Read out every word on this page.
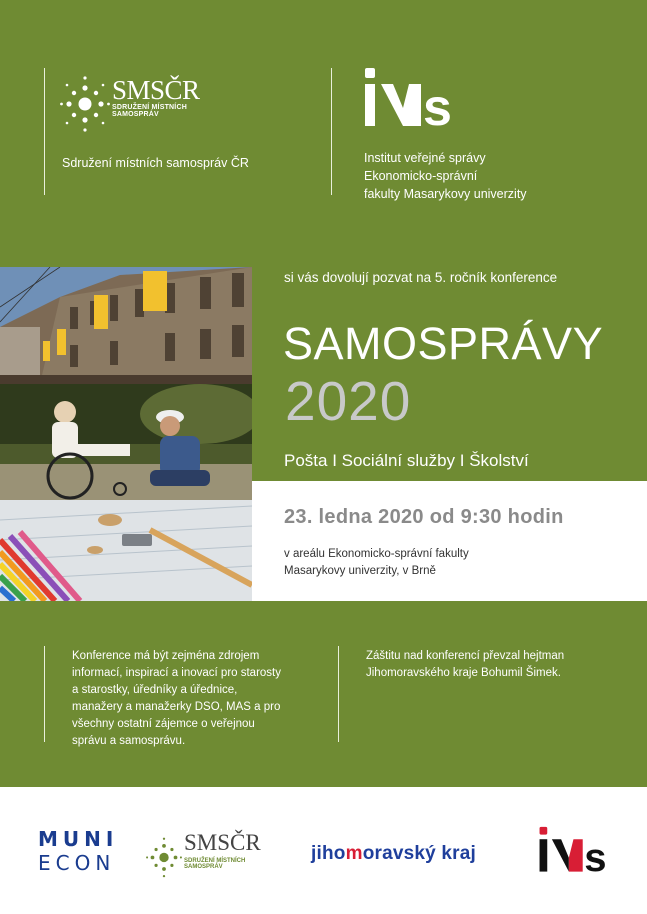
SMSČR
SDRUŽENÍ MÍSTNÍCH SAMOSPRÁV
Sdružení místních samospráv ČR
s
Institut veřejné správy
Ekonomicko-správní
fakulty Masarykovy univerzity
si vás dovolují pozvat na 5. ročník konference
SAMOSPRÁVY
2020
Pošta I Sociální služby I Školství
23. ledna 2020 od 9:30 hodin
v areálu Ekonomicko-správní fakulty
Masarykovy univerzity, v Brně
Konference má být zejména zdrojem
informací, inspirací a inovací pro starosty
a starostky, úředníky a úřednice,
manažery a manažerky DSO, MAS a pro
všechny ostatní zájemce o veřejnou
správu a samosprávu.
Záštitu nad konferencí převzal hejtman
Jihomoravského kraje Bohumil Šimek.
MUNI
ECON
SMSČR
SDRUŽENÍ MÍSTNÍCH SAMOSPRÁV
jihomoravský kraj s
